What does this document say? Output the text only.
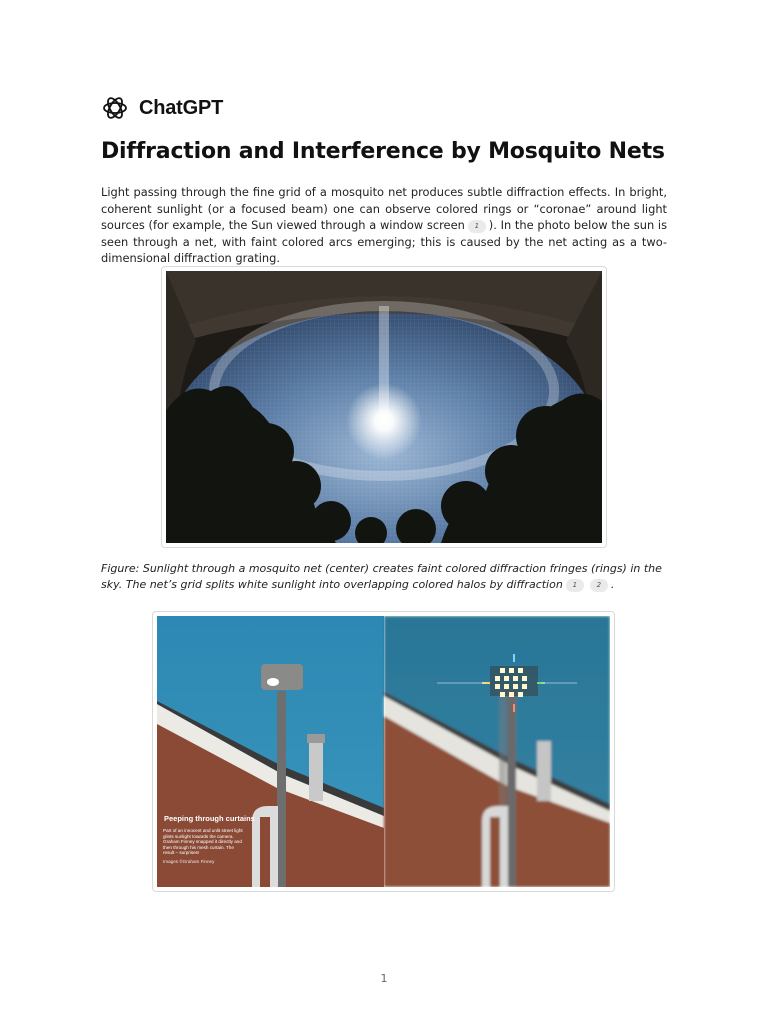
ChatGPT
Diffraction and Interference by Mosquito Nets

Light passing through the fine grid of a mosquito net produces subtle diffraction effects. In bright, coherent sunlight (or a focused beam) one can observe colored rings or “coronae” around light sources (for example, the Sun viewed through a window screen 1 ). In the photo below the sun is seen through a net, with faint colored arcs emerging; this is caused by the net acting as a two-dimensional diffraction grating.

Figure: Sunlight through a mosquito net (center) creates faint colored diffraction fringes (rings) in the sky. The net’s grid splits white sunlight into overlapping colored halos by diffraction 1	2 .

Peeping through curtains
Part of an innocent and unlit street light glints sunlight towards the camera. Graham Finney snapped it directly and then through his mesh curtain. The result – surprises!
Images ©Graham Finney
1
